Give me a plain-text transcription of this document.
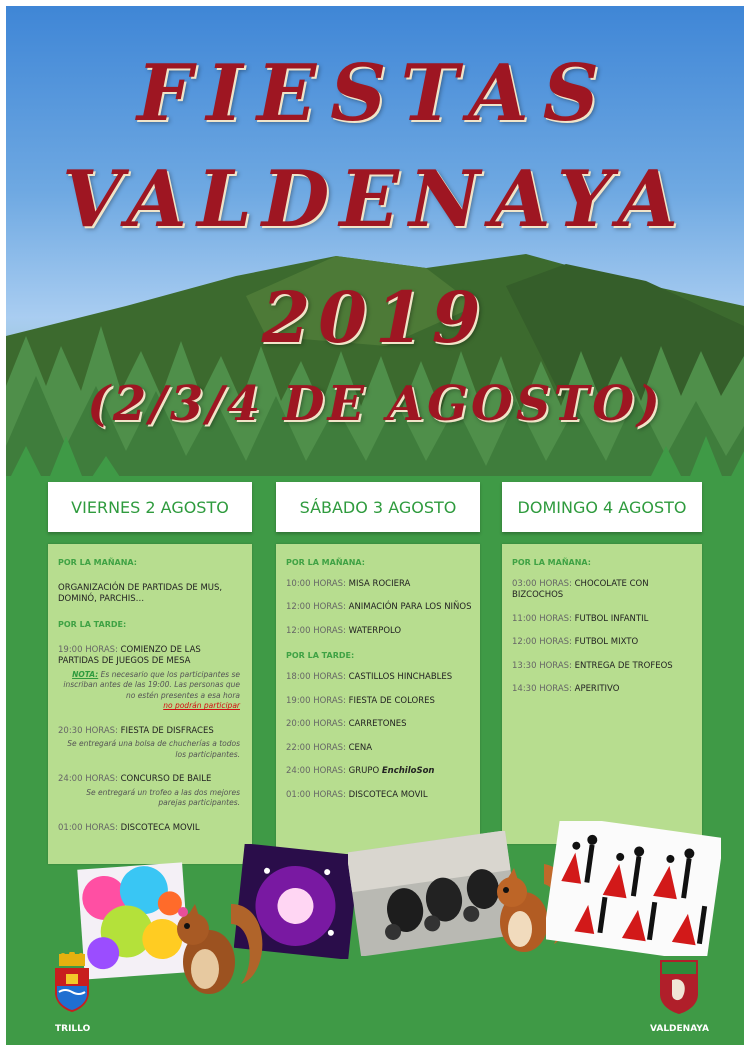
FIESTAS
VALDENAYA
2019
(2/3/4 DE AGOSTO)
VIERNES 2 AGOSTO	SÁBADO 3 AGOSTO	DOMINGO 4 AGOSTO
POR LA MAÑANA:
ORGANIZACIÓN DE PARTIDAS DE MUS, DOMINÓ, PARCHIS…
POR LA TARDE:
19:00 HORAS: COMIENZO DE LAS PARTIDAS DE JUEGOS DE MESA
NOTA: Es necesario que los participantes se inscriban antes de las 19:00. Las personas que no estén presentes a esa hora
no podrán participar
20:30 HORAS: FIESTA DE DISFRACES
Se entregará una bolsa de chucherías a todos los participantes.
24:00 HORAS: CONCURSO DE BAILE
Se entregará un trofeo a las dos mejores parejas participantes.
01:00 HORAS: DISCOTECA MOVIL
POR LA MAÑANA:
10:00 HORAS: MISA ROCIERA
12:00 HORAS: ANIMACIÓN PARA LOS NIÑOS
12:00 HORAS: WATERPOLO
POR LA TARDE:
18:00 HORAS: CASTILLOS HINCHABLES
19:00 HORAS: FIESTA DE COLORES
20:00 HORAS: CARRETONES
22:00 HORAS: CENA
24:00 HORAS: GRUPO EnchiloSon
01:00 HORAS: DISCOTECA MOVIL
POR LA MAÑANA:
03:00 HORAS: CHOCOLATE CON BIZCOCHOS
11:00 HORAS: FUTBOL INFANTIL
12:00 HORAS: FUTBOL MIXTO
13:30 HORAS: ENTREGA DE TROFEOS
14:30 HORAS: APERITIVO
TRILLO	VALDENAYA
